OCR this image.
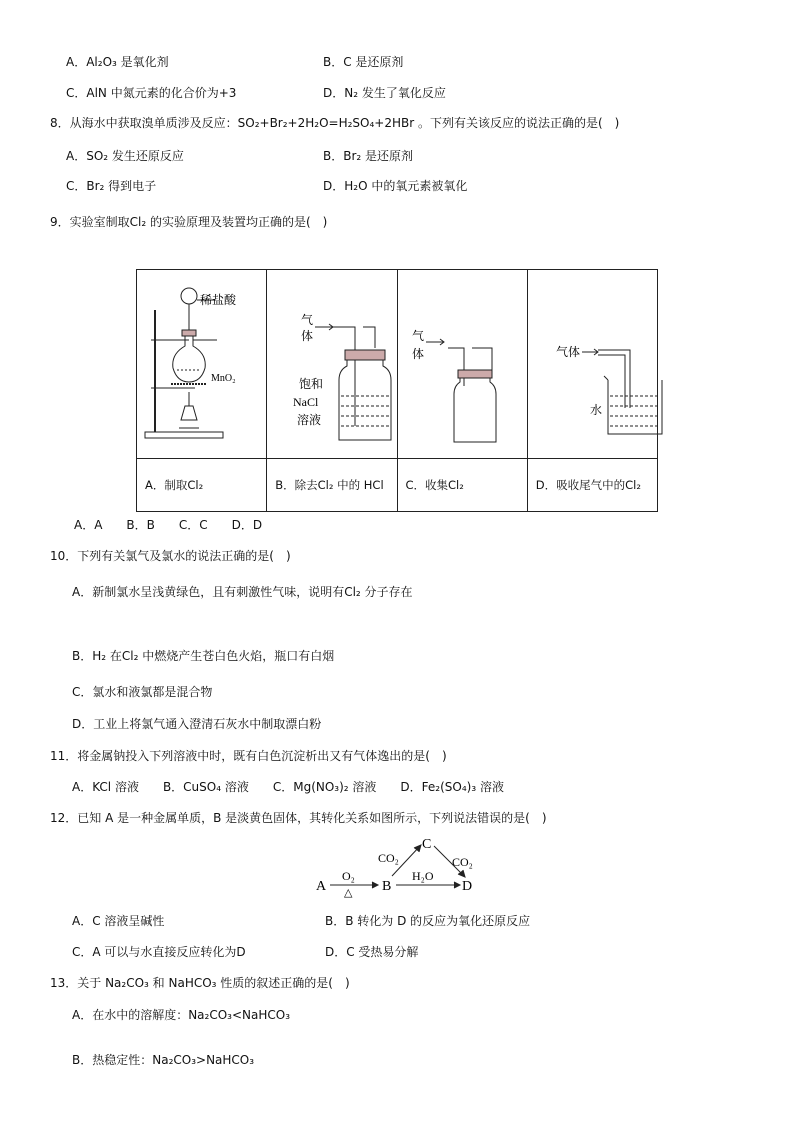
A．Al₂O₃ 是氧化剂	B．C 是还原剂
C．AlN 中氮元素的化合价为+3	D．N₂ 发生了氧化反应
8．从海水中获取溴单质涉及反应：SO₂+Br₂+2H₂O=H₂SO₄+2HBr 。下列有关该反应的说法正确的是(　)
A．SO₂ 发生还原反应	B．Br₂ 是还原剂
C．Br₂ 得到电子	D．H₂O 中的氧元素被氧化
9．实验室制取Cl₂ 的实验原理及装置均正确的是(　)
稀盐酸
MnO₂	气
体
饱和
NaCl
溶液	气
体	气体
水

A．制取Cl₂	B．除去Cl₂ 中的 HCl	C．收集Cl₂	D．吸收尾气中的Cl₂
A．A　　B．B　　C．C　　D．D
10．下列有关氯气及氯水的说法正确的是(　)
A．新制氯水呈浅黄绿色，且有刺激性气味，说明有Cl₂ 分子存在
B．H₂ 在Cl₂ 中燃烧产生苍白色火焰，瓶口有白烟
C．氯水和液氯都是混合物
D．工业上将氯气通入澄清石灰水中制取漂白粉
11．将金属钠投入下列溶液中时，既有白色沉淀析出又有气体逸出的是(　)
A．KCl 溶液　　B．CuSO₄ 溶液　　C．Mg(NO₃)₂ 溶液　　D．Fe₂(SO₄)₃ 溶液
12．已知 A 是一种金属单质，B 是淡黄色固体，其转化关系如图所示，下列说法错误的是(　)
A
O₂
△ B
H₂O
D
C
CO₂	CO₂
A．C 溶液呈碱性	B．B 转化为 D 的反应为氧化还原反应
C．A 可以与水直接反应转化为D	D．C 受热易分解
13．关于 Na₂CO₃ 和 NaHCO₃ 性质的叙述正确的是(　)
A．在水中的溶解度：Na₂CO₃<NaHCO₃
B．热稳定性：Na₂CO₃>NaHCO₃
